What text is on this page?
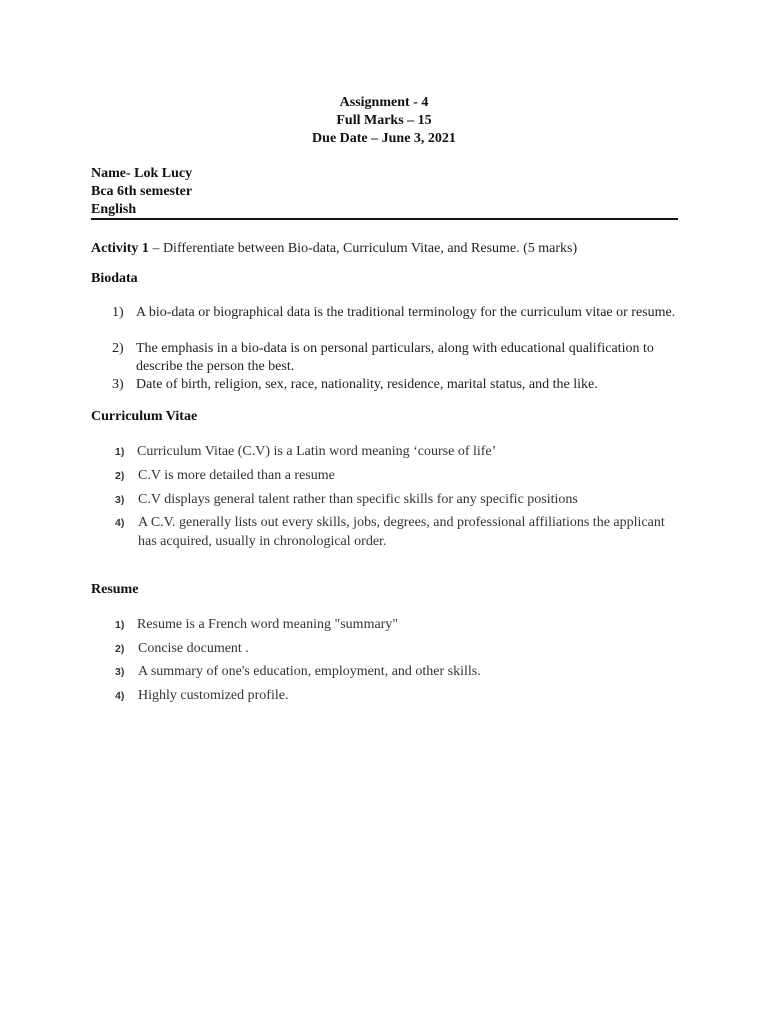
Assignment - 4
Full Marks – 15
Due Date – June 3, 2021
Name- Lok Lucy
Bca 6th semester
English
Activity 1 – Differentiate between Bio-data, Curriculum Vitae, and Resume. (5 marks)
Biodata
1) A bio-data or biographical data is the traditional terminology for the curriculum vitae or resume.
2) The emphasis in a bio-data is on personal particulars, along with educational qualification to describe the person the best.
3) Date of birth, religion, sex, race, nationality, residence, marital status, and the like.
Curriculum Vitae
1) Curriculum Vitae (C.V) is a Latin word meaning ‘course of life’
2) C.V is more detailed than a resume
3) C.V displays general talent rather than specific skills for any specific positions
4) A C.V. generally lists out every skills, jobs, degrees, and professional affiliations the applicant has acquired, usually in chronological order.
Resume
1) Resume is a French word meaning "summary"
2) Concise document .
3) A summary of one's education, employment, and other skills.
4) Highly customized profile.
